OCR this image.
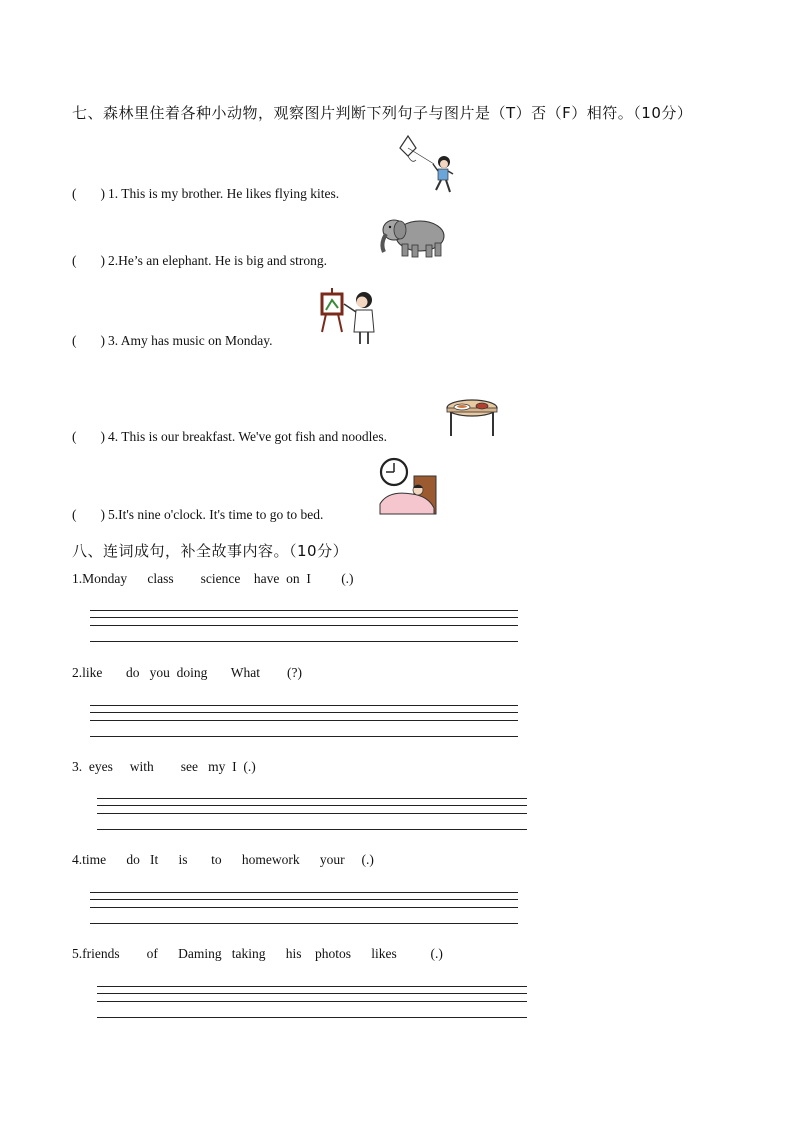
七、森林里住着各种小动物，观察图片判断下列句子与图片是（T）否（F）相符。（10分）
( ) 1. This is my brother. He likes flying kites.
( ) 2.He’s an elephant. He is big and strong.
( ) 3. Amy has music on Monday.
( ) 4. This is our breakfast. We've got fish and noodles.
( ) 5.It's nine o'clock. It's time to go to bed.
八、连词成句，补全故事内容。（10分）
1.Monday      class        science    have  on  I         (.)
2.like       do   you  doing       What        (?)
3.  eyes     with        see   my  I  (.)
4.time      do   It      is       to      homework      your     (.)
5.friends        of      Daming   taking      his    photos      likes          (.)
